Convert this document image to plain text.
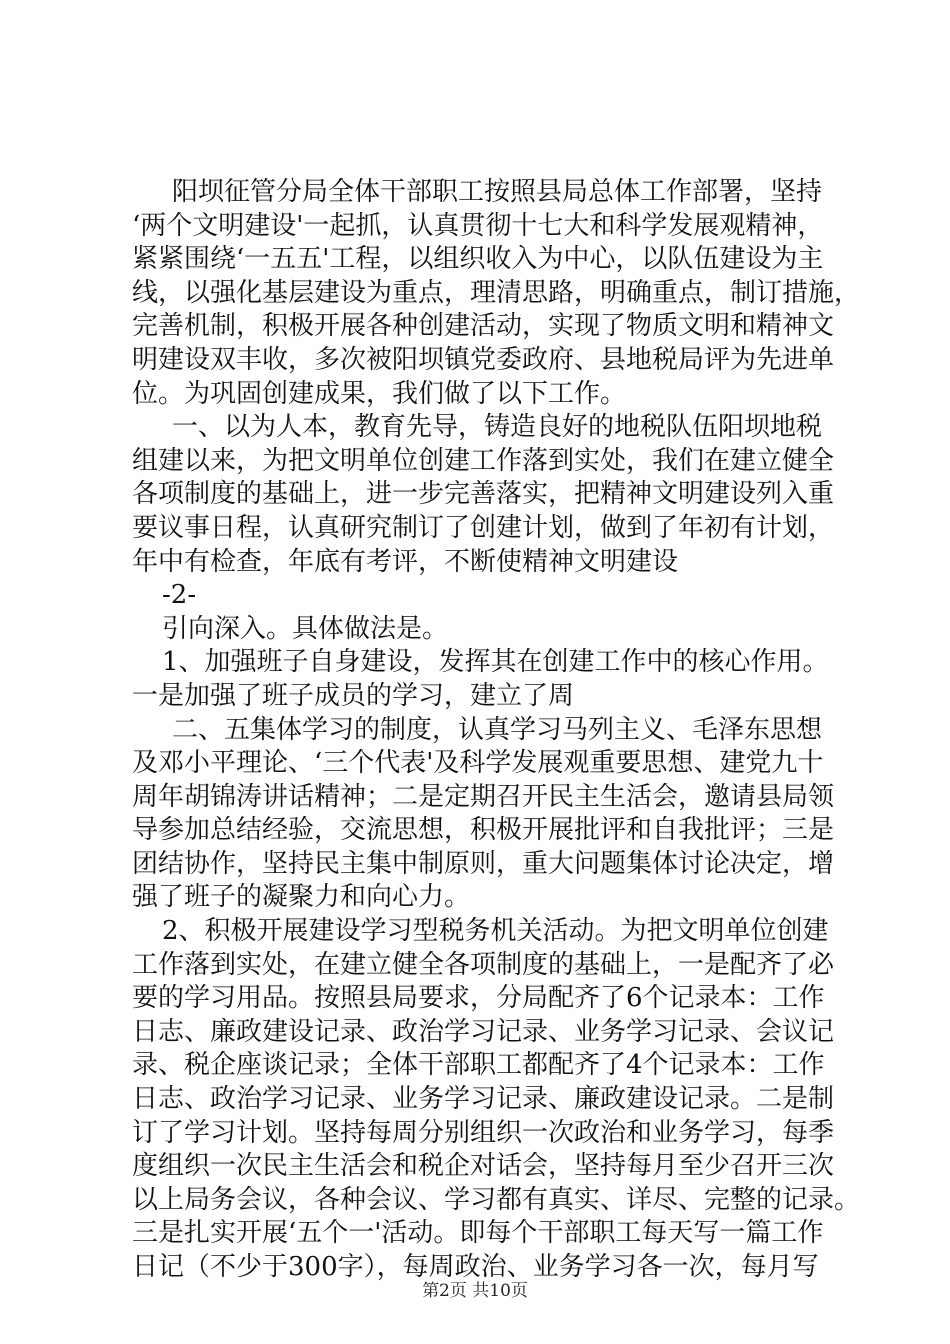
阳坝征管分局全体干部职工按照县局总体工作部署，坚持
‘两个文明建设'一起抓，认真贯彻十七大和科学发展观精神，
紧紧围绕‘一五五'工程，以组织收入为中心，以队伍建设为主
线，以强化基层建设为重点，理清思路，明确重点，制订措施，
完善机制，积极开展各种创建活动，实现了物质文明和精神文
明建设双丰收，多次被阳坝镇党委政府、县地税局评为先进单
位。为巩固创建成果，我们做了以下工作。
一、以为人本，教育先导，铸造良好的地税队伍阳坝地税
组建以来，为把文明单位创建工作落到实处，我们在建立健全
各项制度的基础上，进一步完善落实，把精神文明建设列入重
要议事日程，认真研究制订了创建计划，做到了年初有计划，
年中有检查，年底有考评，不断使精神文明建设
-2-
引向深入。具体做法是。
1、加强班子自身建设，发挥其在创建工作中的核心作用。
一是加强了班子成员的学习，建立了周
二、五集体学习的制度，认真学习马列主义、毛泽东思想
及邓小平理论、‘三个代表'及科学发展观重要思想、建党九十
周年胡锦涛讲话精神；二是定期召开民主生活会，邀请县局领
导参加总结经验，交流思想，积极开展批评和自我批评；三是
团结协作，坚持民主集中制原则，重大问题集体讨论决定，增
强了班子的凝聚力和向心力。
2、积极开展建设学习型税务机关活动。为把文明单位创建
工作落到实处，在建立健全各项制度的基础上，一是配齐了必
要的学习用品。按照县局要求，分局配齐了6个记录本：工作
日志、廉政建设记录、政治学习记录、业务学习记录、会议记
录、税企座谈记录；全体干部职工都配齐了4个记录本：工作
日志、政治学习记录、业务学习记录、廉政建设记录。二是制
订了学习计划。坚持每周分别组织一次政治和业务学习，每季
度组织一次民主生活会和税企对话会，坚持每月至少召开三次
以上局务会议，各种会议、学习都有真实、详尽、完整的记录。
三是扎实开展‘五个一'活动。即每个干部职工每天写一篇工作
日记（不少于300字），每周政治、业务学习各一次，每月写
第2页 共10页
